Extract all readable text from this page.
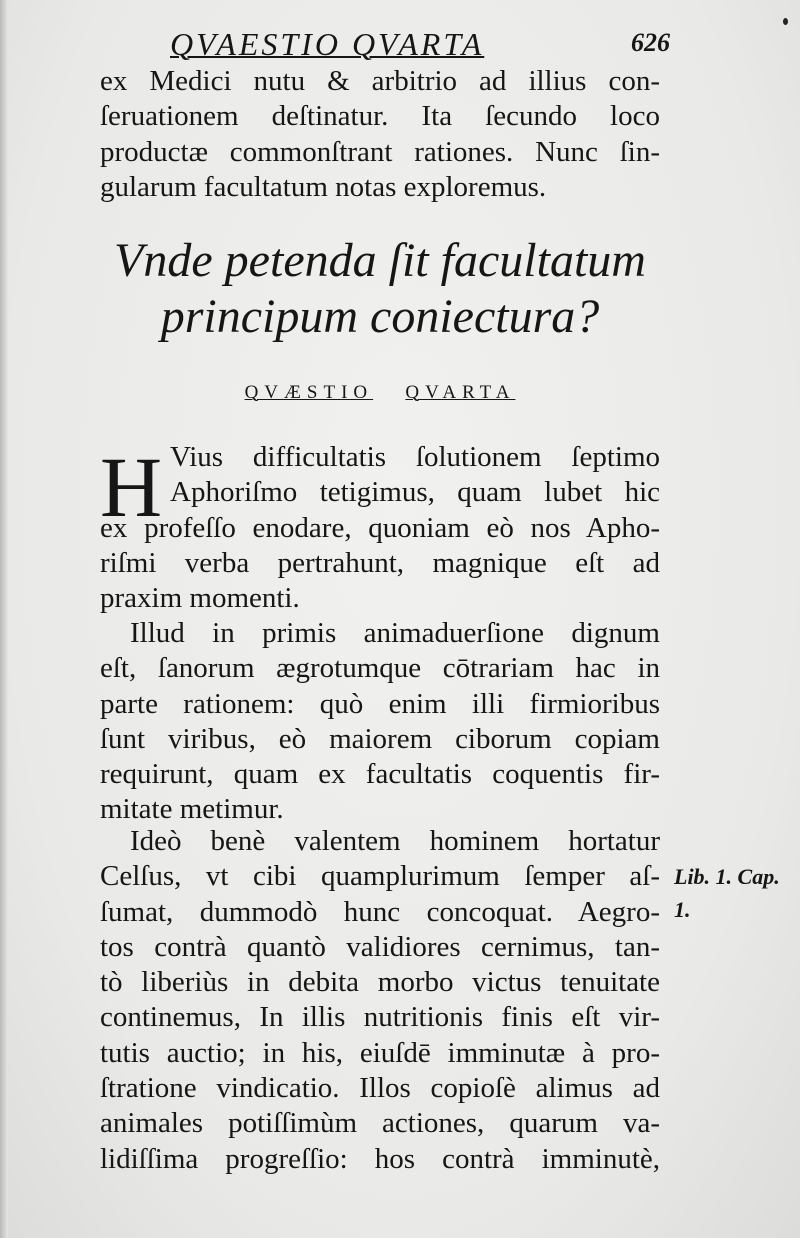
QVAESTIO QVARTA	626
ex Medici nutu & arbitrio ad illius con-
ſeruationem deſtinatur. Ita ſecundo loco
productæ commonſtrant rationes. Nunc ſin-
gularum facultatum notas exploremus.
Vnde petenda ſit facultatum
principum coniectura?
QVÆSTIO QVARTA
H Vius difficultatis ſolutionem ſeptimo
Aphoriſmo tetigimus, quam lubet hic
ex profeſſo enodare, quoniam eò nos Apho-
riſmi verba pertrahunt, magnique eſt ad
praxim momenti.
Illud in primis animaduerſione dignum
eſt, ſanorum ægrotumque cōtrariam hac in
parte rationem: quò enim illi firmioribus
ſunt viribus, eò maiorem ciborum copiam
requirunt, quam ex facultatis coquentis fir-
mitate metimur.
Ideò benè valentem hominem hortatur
Celſus, vt cibi quamplurimum ſemper aſ-
ſumat, dummodò hunc concoquat. Aegro-
tos contrà quantò validiores cernimus, tan-
tò liberiùs in debita morbo victus tenuitate
continemus, In illis nutritionis finis eſt vir-
tutis auctio; in his, eiuſdē imminutæ à pro-
ſtratione vindicatio. Illos copioſè alimus ad
animales potiſſimùm actiones, quarum va-
lidiſſima progreſſio: hos contrà imminutè,
Lib. 1. Cap.
1.
